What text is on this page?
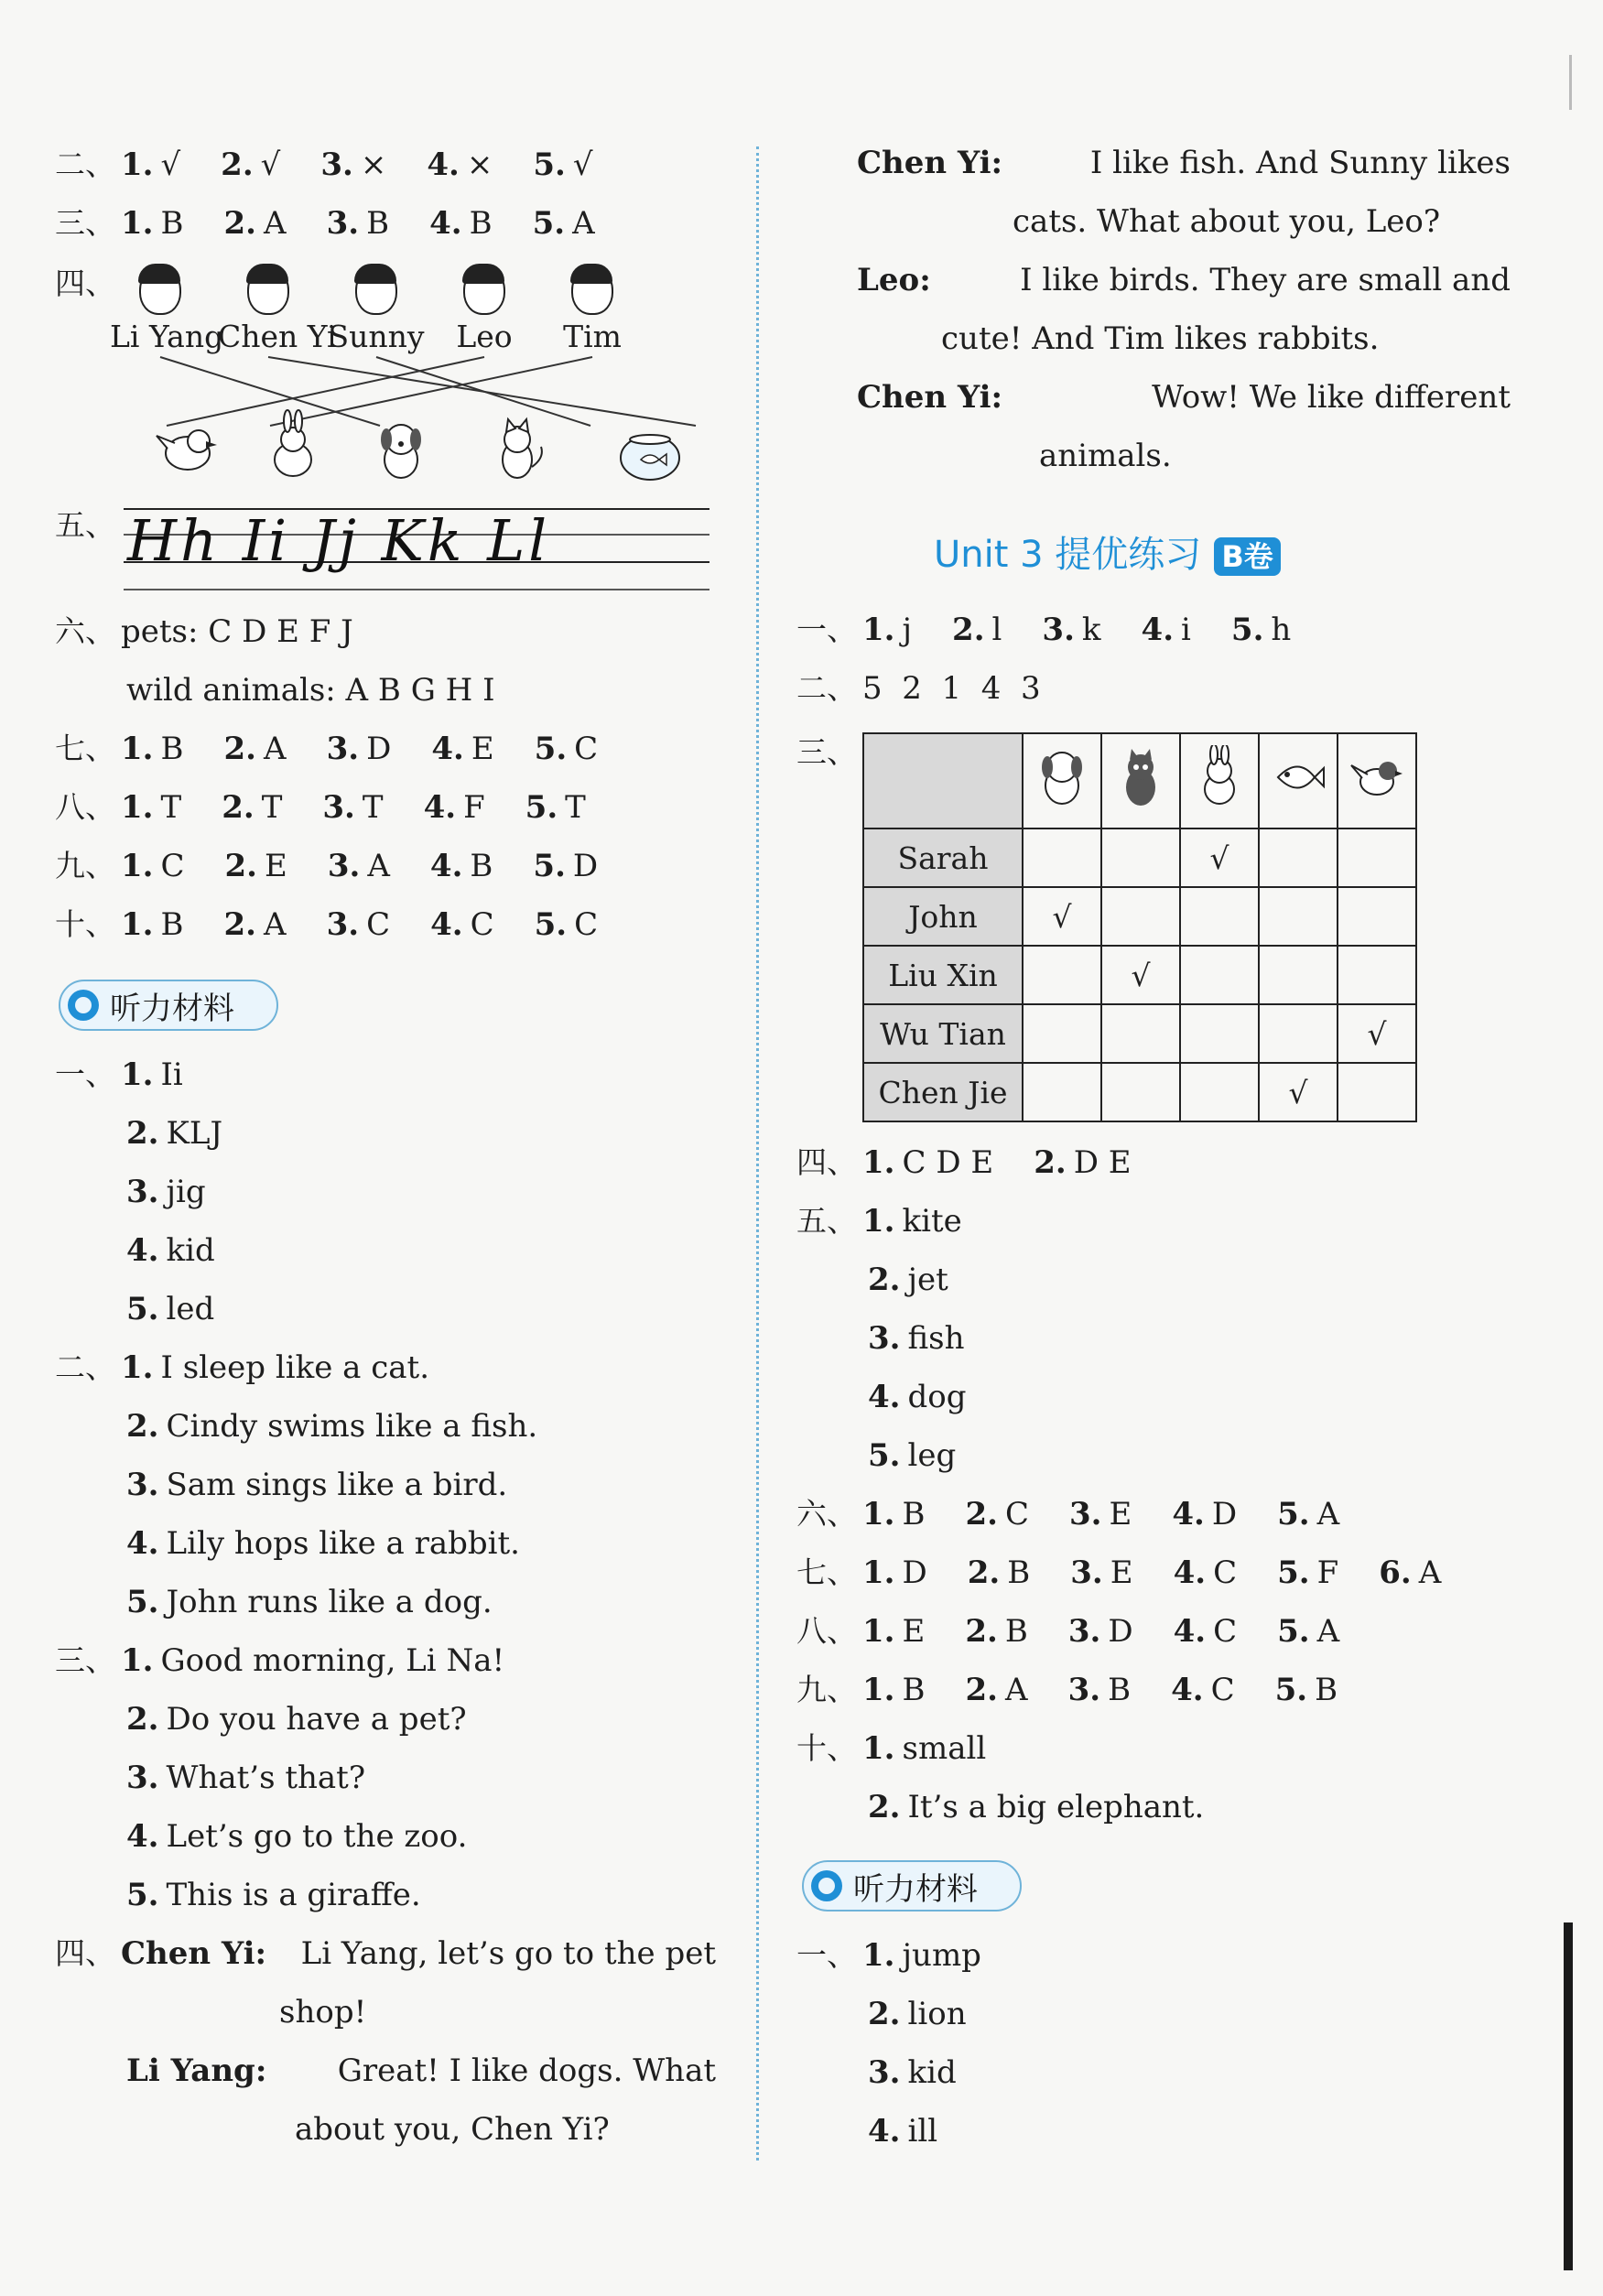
二、 1. √ 2. √ 3. × 4. × 5. √
三、 1. B 2. A 3. B 4. B 5. A
四、
Li Yang
Chen Yi
Sunny	Leo	Tim
五、 Hh Ii Jj Kk Ll
六、 pets: C D E F J
wild animals: A B G H I
七、 1. B 2. A 3. D 4. E 5. C
八、 1. T 2. T 3. T 4. F 5. T
九、 1. C 2. E 3. A 4. B 5. D
十、 1. B 2. A 3. C 4. C 5. C
听力材料
一、 1. Ii
2. KLJ
3. jig
4. kid
5. led
二、 1. I sleep like a cat.
2. Cindy swims like a fish.
3. Sam sings like a bird.
4. Lily hops like a rabbit.
5. John runs like a dog.
三、 1. Good morning, Li Na!
2. Do you have a pet?
3. What’s that?
4. Let’s go to the zoo.
5. This is a giraffe.
四、 Chen Yi: Li Yang, let’s go to the pet
shop!
Li Yang: Great! I like dogs. What
about you, Chen Yi?
Chen Yi:	I like fish. And Sunny likes
cats. What about you, Leo?
Leo:	I like birds. They are small and
cute! And Tim likes rabbits.
Chen Yi:	Wow! We like different
animals.
Unit 3 提优练习 B卷
一、 1. j 2. l 3. k 4. i 5. h
二、 5  2  1  4  3
三、

Sarah			√		
John	√				
Liu Xin		√			
Wu Tian					√
Chen Jie				√	
四、 1. C D E 2. D E
五、 1. kite
2. jet
3. fish
4. dog
5. leg
六、 1. B 2. C 3. E 4. D 5. A
七、 1. D 2. B 3. E 4. C 5. F 6. A
八、 1. E 2. B 3. D 4. C 5. A
九、 1. B 2. A 3. B 4. C 5. B
十、 1. small
2. It’s a big elephant.
听力材料
一、 1. jump
2. lion
3. kid
4. ill
